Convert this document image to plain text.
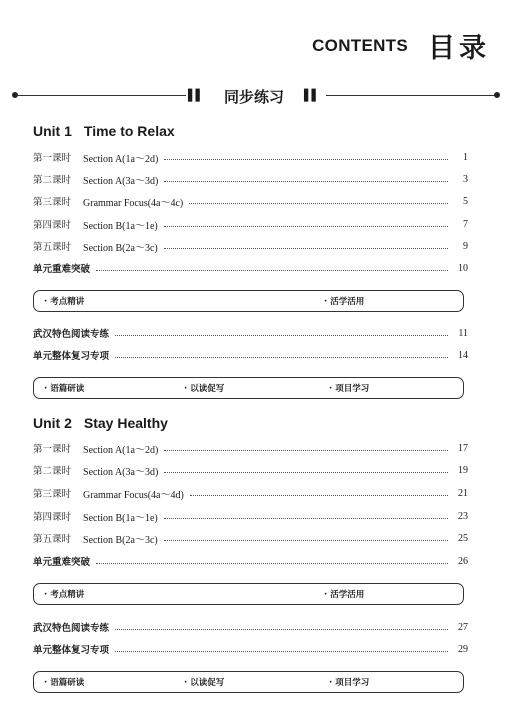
CONTENTS 目录
▌▌	同步练习	▌▌
Unit 1 Time to Relax
第一课时 Section A(1a～2d)	1
第二课时 Section A(3a～3d)	3
第三课时 Grammar Focus(4a～4c)	5
第四课时 Section B(1a～1e)	7
第五课时 Section B(2a～3c)	9
单元重难突破	10
· 考点精讲	· 活学活用
武汉特色阅读专练	11
单元整体复习专项	14
· 语篇研读	· 以读促写	· 项目学习
Unit 2 Stay Healthy
第一课时 Section A(1a～2d)	17
第二课时 Section A(3a～3d)	19
第三课时 Grammar Focus(4a～4d)	21
第四课时 Section B(1a～1e)	23
第五课时 Section B(2a～3c)	25
单元重难突破	26
· 考点精讲	· 活学活用
武汉特色阅读专练	27
单元整体复习专项	29
· 语篇研读	· 以读促写	· 项目学习
